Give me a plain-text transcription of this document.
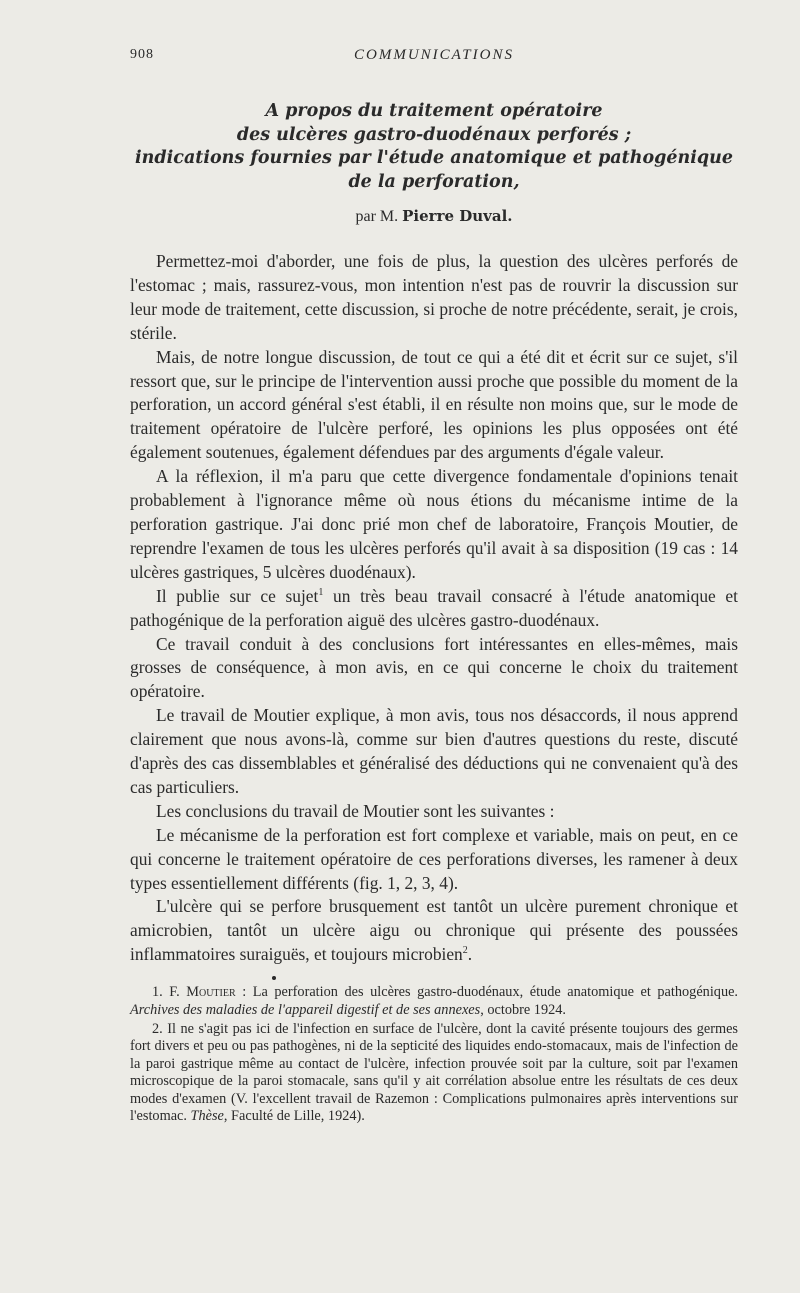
908	COMMUNICATIONS
A propos du traitement opératoire
des ulcères gastro-duodénaux perforés ;
indications fournies par l'étude anatomique et pathogénique
de la perforation,
par M. Pierre Duval.

Permettez-moi d'aborder, une fois de plus, la question des ulcères perforés de l'estomac ; mais, rassurez-vous, mon intention n'est pas de rouvrir la discussion sur leur mode de traitement, cette discussion, si proche de notre précédente, serait, je crois, stérile.

Mais, de notre longue discussion, de tout ce qui a été dit et écrit sur ce sujet, s'il ressort que, sur le principe de l'intervention aussi proche que possible du moment de la perforation, un accord général s'est établi, il en résulte non moins que, sur le mode de traitement opératoire de l'ulcère perforé, les opinions les plus opposées ont été également soutenues, également défendues par des arguments d'égale valeur.

A la réflexion, il m'a paru que cette divergence fondamentale d'opinions tenait probablement à l'ignorance même où nous étions du mécanisme intime de la perforation gastrique. J'ai donc prié mon chef de laboratoire, François Moutier, de reprendre l'examen de tous les ulcères perforés qu'il avait à sa disposition (19 cas : 14 ulcères gastriques, 5 ulcères duodénaux).

Il publie sur ce sujet$^1$ un très beau travail consacré à l'étude anatomique et pathogénique de la perforation aiguë des ulcères gastro-duodénaux.

Ce travail conduit à des conclusions fort intéressantes en elles-mêmes, mais grosses de conséquence, à mon avis, en ce qui concerne le choix du traitement opératoire.

Le travail de Moutier explique, à mon avis, tous nos désaccords, il nous apprend clairement que nous avons-là, comme sur bien d'autres questions du reste, discuté d'après des cas dissemblables et généralisé des déductions qui ne convenaient qu'à des cas particuliers.

Les conclusions du travail de Moutier sont les suivantes :

Le mécanisme de la perforation est fort complexe et variable, mais on peut, en ce qui concerne le traitement opératoire de ces perforations diverses, les ramener à deux types essentiellement différents (fig. 1, 2, 3, 4).

L'ulcère qui se perfore brusquement est tantôt un ulcère purement chronique et amicrobien, tantôt un ulcère aigu ou chronique qui présente des poussées inflammatoires suraiguës, et toujours microbien$^2$.

1. F. Moutier : La perforation des ulcères gastro-duodénaux, étude anatomique et pathogénique. Archives des maladies de l'appareil digestif et de ses annexes, octobre 1924.

2. Il ne s'agit pas ici de l'infection en surface de l'ulcère, dont la cavité présente toujours des germes fort divers et peu ou pas pathogènes, ni de la septicité des liquides endo-stomacaux, mais de l'infection de la paroi gastrique même au contact de l'ulcère, infection prouvée soit par la culture, soit par l'examen microscopique de la paroi stomacale, sans qu'il y ait corrélation absolue entre les résultats de ces deux modes d'examen (V. l'excellent travail de Razemon : Complications pulmonaires après interventions sur l'estomac. Thèse, Faculté de Lille, 1924).
